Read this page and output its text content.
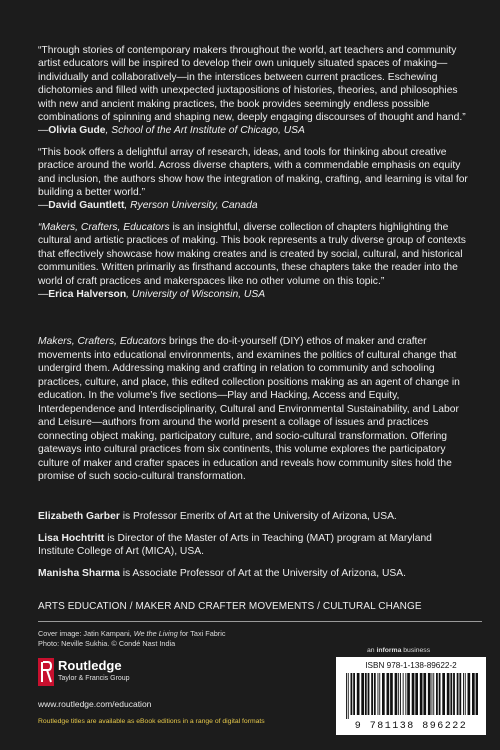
“Through stories of contemporary makers throughout the world, art teachers and community artist educators will be inspired to develop their own uniquely situated spaces of making—individually and collaboratively—in the interstices between current practices. Eschewing dichotomies and filled with unexpected juxtapositions of histories, theories, and philosophies with new and ancient making practices, the book provides seemingly endless possible combinations of spinning and shaping new, deeply engaging discourses of thought and hand.”

—Olivia Gude, School of the Art Institute of Chicago, USA

“This book offers a delightful array of research, ideas, and tools for thinking about creative practice around the world. Across diverse chapters, with a commendable emphasis on equity and inclusion, the authors show how the integration of making, crafting, and learning is vital for building a better world.”

—David Gauntlett, Ryerson University, Canada

“Makers, Crafters, Educators is an insightful, diverse collection of chapters highlighting the cultural and artistic practices of making. This book represents a truly diverse group of contexts that effectively showcase how making creates and is created by social, cultural, and historical communities. Written primarily as firsthand accounts, these chapters take the reader into the world of craft practices and makerspaces like no other volume on this topic.”

—Erica Halverson, University of Wisconsin, USA

Makers, Crafters, Educators brings the do-it-yourself (DIY) ethos of maker and crafter movements into educational environments, and examines the politics of cultural change that undergird them. Addressing making and crafting in relation to community and schooling practices, culture, and place, this edited collection positions making as an agent of change in education. In the volume’s five sections—Play and Hacking, Access and Equity, Interdependence and Interdisciplinarity, Cultural and Environmental Sustainability, and Labor and Leisure—authors from around the world present a collage of issues and practices connecting object making, participatory culture, and socio-cultural transformation. Offering gateways into cultural practices from six continents, this volume explores the participatory culture of maker and crafter spaces in education and reveals how community sites hold the promise of such socio-cultural transformation.

Elizabeth Garber is Professor Emeritx of Art at the University of Arizona, USA.

Lisa Hochtritt is Director of the Master of Arts in Teaching (MAT) program at Maryland Institute College of Art (MICA), USA.

Manisha Sharma is Associate Professor of Art at the University of Arizona, USA.

ARTS EDUCATION / MAKER AND CRAFTER MOVEMENTS / CULTURAL CHANGE

Cover image: Jatin Kampani, We the Living for Taxi Fabric
Photo: Neville Sukhia. © Condé Nast India
Routledge
Taylor & Francis Group
www.routledge.com/education
Routledge titles are available as eBook editions in a range of digital formats
an informa business
ISBN 978-1-138-89622-2
9 781138 896222
